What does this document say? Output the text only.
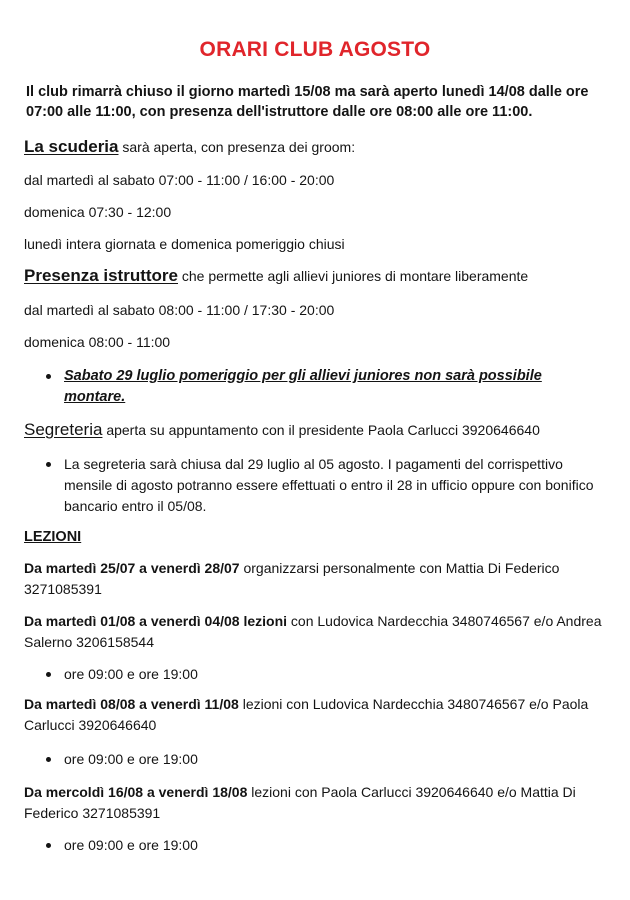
ORARI CLUB AGOSTO
Il club rimarrà chiuso il giorno martedì 15/08 ma sarà aperto lunedì 14/08 dalle ore 07:00 alle 11:00, con presenza dell'istruttore dalle ore 08:00 alle ore 11:00.
La scuderia sarà aperta, con presenza dei groom:
dal martedì al sabato 07:00 - 11:00 / 16:00 - 20:00
domenica 07:30 - 12:00
lunedì intera giornata e domenica pomeriggio chiusi
Presenza istruttore che permette agli allievi juniores di montare liberamente
dal martedì al sabato 08:00 - 11:00 / 17:30 - 20:00
domenica 08:00 - 11:00
Sabato 29 luglio pomeriggio per gli allievi juniores non sarà possibile montare.
Segreteria aperta su appuntamento con il presidente Paola Carlucci 3920646640
La segreteria sarà chiusa dal 29 luglio al 05 agosto. I pagamenti del corrispettivo mensile di agosto potranno essere effettuati o entro il 28 in ufficio oppure con bonifico bancario entro il 05/08.
LEZIONI
Da martedì 25/07 a venerdì 28/07 organizzarsi personalmente con Mattia Di Federico 3271085391
Da martedì 01/08 a venerdì 04/08 lezioni con Ludovica Nardecchia 3480746567 e/o Andrea Salerno 3206158544
ore 09:00 e ore 19:00
Da martedì 08/08 a venerdì 11/08 lezioni con Ludovica Nardecchia 3480746567 e/o Paola Carlucci 3920646640
ore 09:00 e ore 19:00
Da mercoldì 16/08 a venerdì 18/08 lezioni con Paola Carlucci 3920646640 e/o Mattia Di Federico 3271085391
ore 09:00 e ore 19:00
